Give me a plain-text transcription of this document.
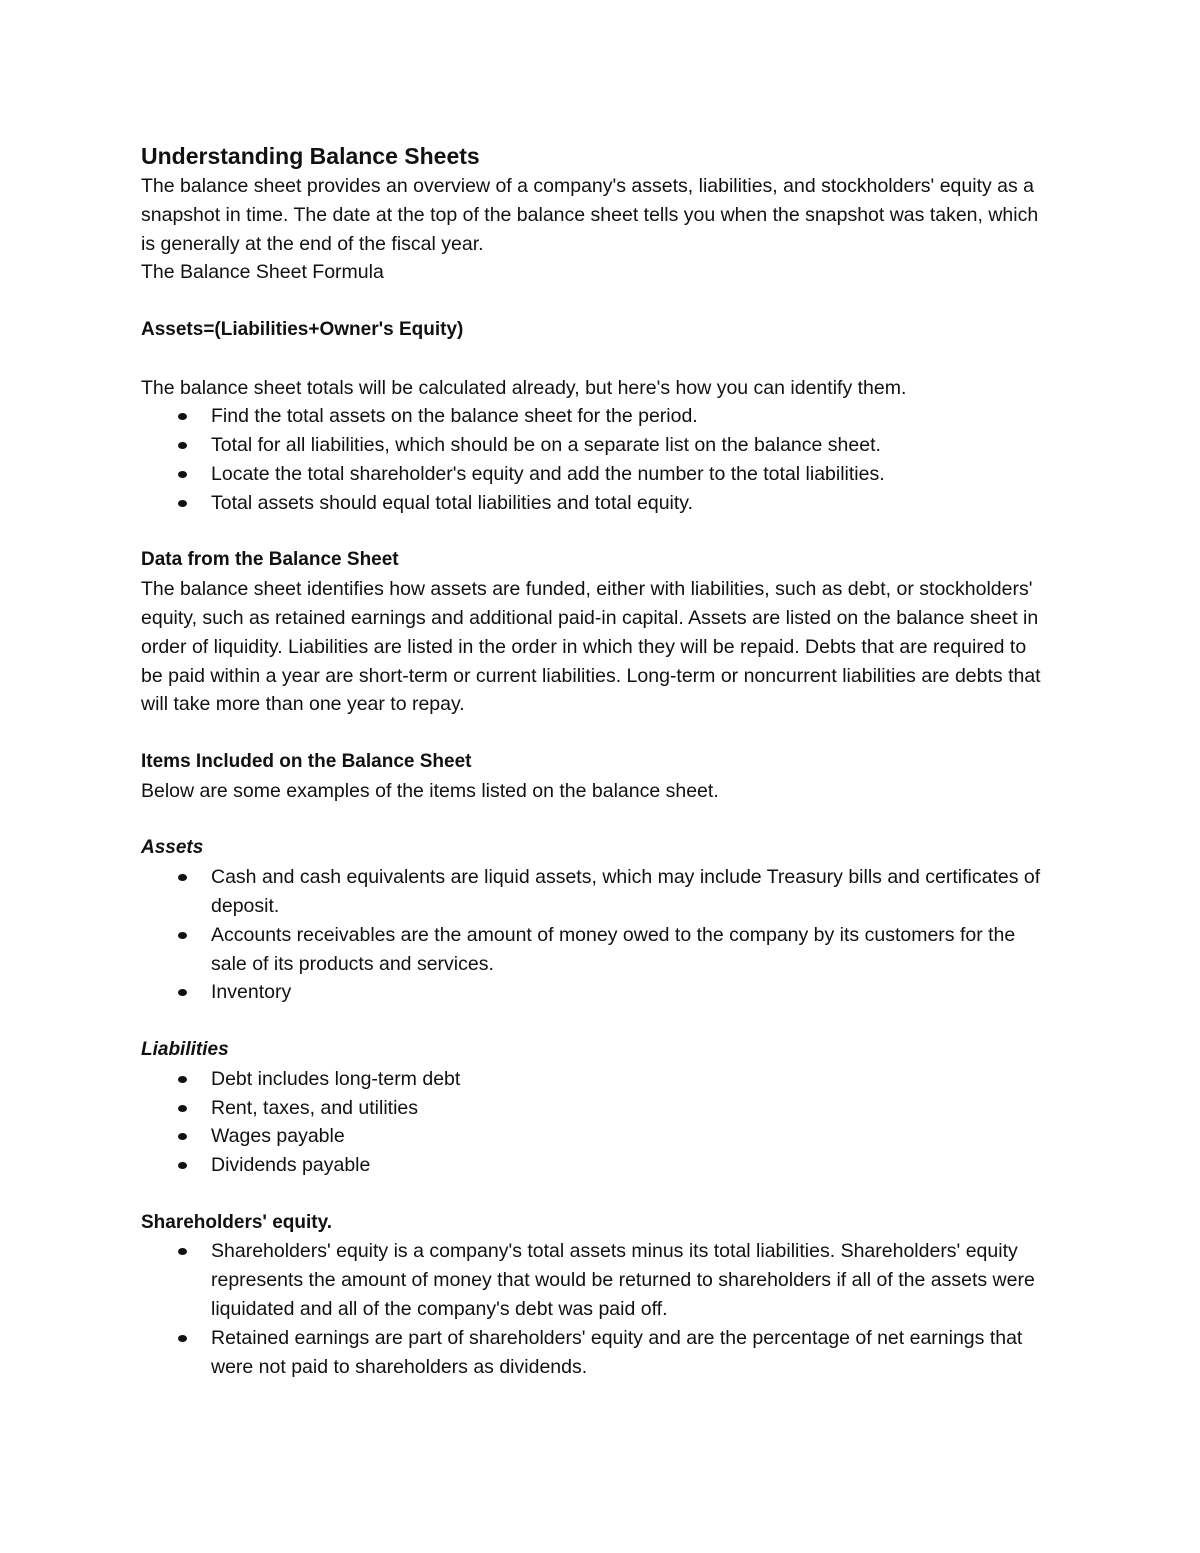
Understanding Balance Sheets

The balance sheet provides an overview of a company's assets, liabilities, and stockholders' equity as a snapshot in time. The date at the top of the balance sheet tells you when the snapshot was taken, which is generally at the end of the fiscal year.

The Balance Sheet Formula

Assets=(Liabilities+Owner's Equity)

The balance sheet totals will be calculated already, but here's how you can identify them.

Find the total assets on the balance sheet for the period.
Total for all liabilities, which should be on a separate list on the balance sheet.
Locate the total shareholder's equity and add the number to the total liabilities.
Total assets should equal total liabilities and total equity.

Data from the Balance Sheet

The balance sheet identifies how assets are funded, either with liabilities, such as debt, or stockholders' equity, such as retained earnings and additional paid-in capital. Assets are listed on the balance sheet in order of liquidity. Liabilities are listed in the order in which they will be repaid. Debts that are required to be paid within a year are short-term or current liabilities. Long-term or noncurrent liabilities are debts that will take more than one year to repay.

Items Included on the Balance Sheet

Below are some examples of the items listed on the balance sheet.

Assets

Cash and cash equivalents are liquid assets, which may include Treasury bills and certificates of deposit.
Accounts receivables are the amount of money owed to the company by its customers for the sale of its products and services.
Inventory

Liabilities

Debt includes long-term debt
Rent, taxes, and utilities
Wages payable
Dividends payable

Shareholders' equity.

Shareholders' equity is a company's total assets minus its total liabilities. Shareholders' equity represents the amount of money that would be returned to shareholders if all of the assets were liquidated and all of the company's debt was paid off.
Retained earnings are part of shareholders' equity and are the percentage of net earnings that were not paid to shareholders as dividends.
